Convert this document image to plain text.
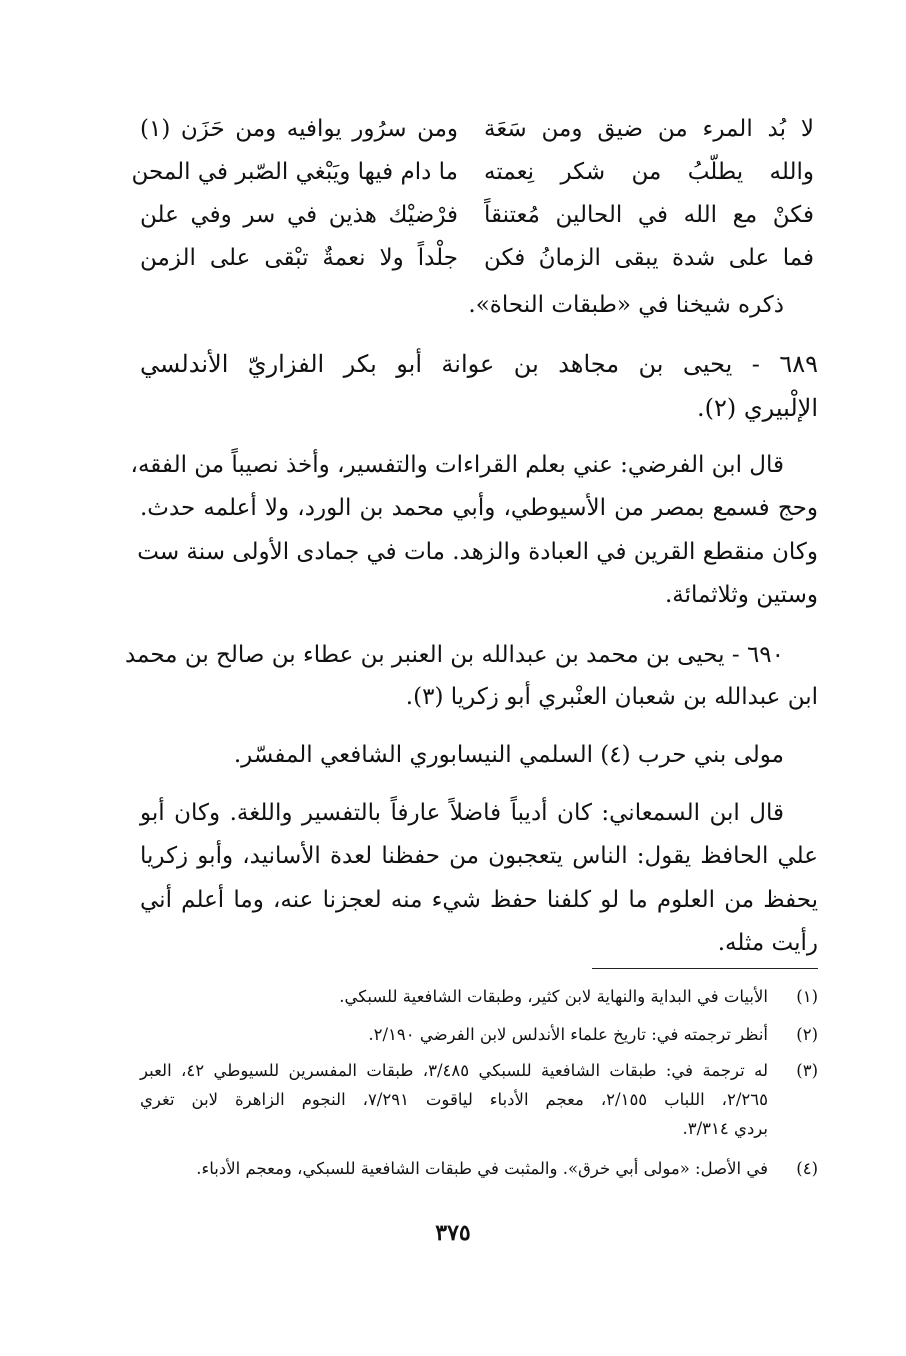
لا بُد المرء من ضيق ومن سَعَة
ومن سرُور يوافيه ومن حَزَن (١)
والله يطلّبُ من شكر نِعمته
ما دام فيها ويَبْغي الصّبر في المحن
فكنْ مع الله في الحالين مُعتنقاً
فرْضيْك هذين في سر وفي علن
فما على شدة يبقى الزمانُ فكن
جلْداً ولا نعمةٌ تبْقى على الزمن
ذكره شيخنا في «طبقات النحاة».
٦٨٩ - يحيى بن مجاهد بن عوانة أبو بكر الفزاريّ الأندلسي
الإلْبيري (٢).
قال ابن الفرضي: عني بعلم القراءات والتفسير، وأخذ نصيباً من الفقه،
وحج فسمع بمصر من الأسيوطي، وأبي محمد بن الورد، ولا أعلمه حدث.
وكان منقطع القرين في العبادة والزهد. مات في جمادى الأولى سنة ست
وستين وثلاثمائة.
٦٩٠ - يحيى بن محمد بن عبدالله بن العنبر بن عطاء بن صالح بن محمد
ابن عبدالله بن شعبان العنْبري أبو زكريا (٣).
مولى بني حرب (٤) السلمي النيسابوري الشافعي المفسّر.
قال ابن السمعاني: كان أديباً فاضلاً عارفاً بالتفسير واللغة. وكان أبو
علي الحافظ يقول: الناس يتعجبون من حفظنا لعدة الأسانيد، وأبو زكريا
يحفظ من العلوم ما لو كلفنا حفظ شيء منه لعجزنا عنه، وما أعلم أني
رأيت مثله.
(١)
الأبيات في البداية والنهاية لابن كثير، وطبقات الشافعية للسبكي.
(٢)
أنظر ترجمته في: تاريخ علماء الأندلس لابن الفرضي ٢/١٩٠.
(٣)
له ترجمة في: طبقات الشافعية للسبكي ٣/٤٨٥، طبقات المفسرين للسيوطي ٤٢، العبر
٢/٢٦٥، اللباب ٢/١٥٥، معجم الأدباء لياقوت ٧/٢٩١، النجوم الزاهرة لابن تغري
بردي ٣/٣١٤.
(٤)
في الأصل: «مولى أبي خرق». والمثبت في طبقات الشافعية للسبكي، ومعجم الأدباء.
٣٧٥
